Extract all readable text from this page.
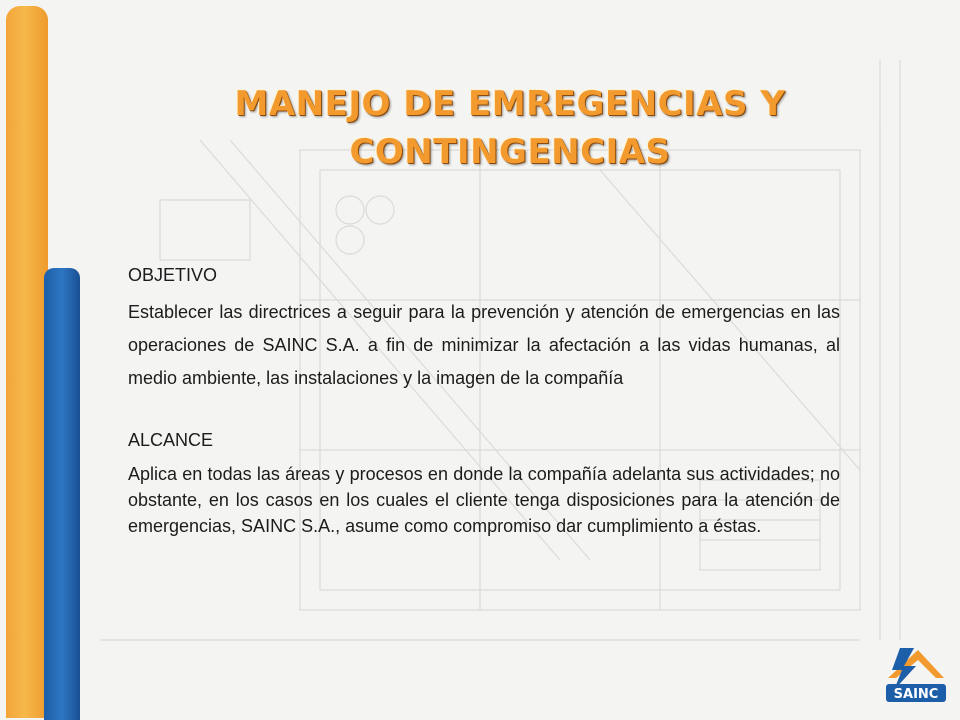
MANEJO DE EMREGENCIAS Y CONTINGENCIAS
OBJETIVO

Establecer las directrices a seguir para la prevención y atención de emergencias en las operaciones de SAINC S.A. a fin de minimizar la afectación a las vidas humanas, al medio ambiente, las instalaciones y la imagen de la compañía

ALCANCE

Aplica en todas las áreas y procesos en donde la compañía adelanta sus actividades; no obstante, en los casos en los cuales el cliente tenga disposiciones para la atención de emergencias, SAINC S.A., asume como compromiso dar cumplimiento a éstas.

SAINC
